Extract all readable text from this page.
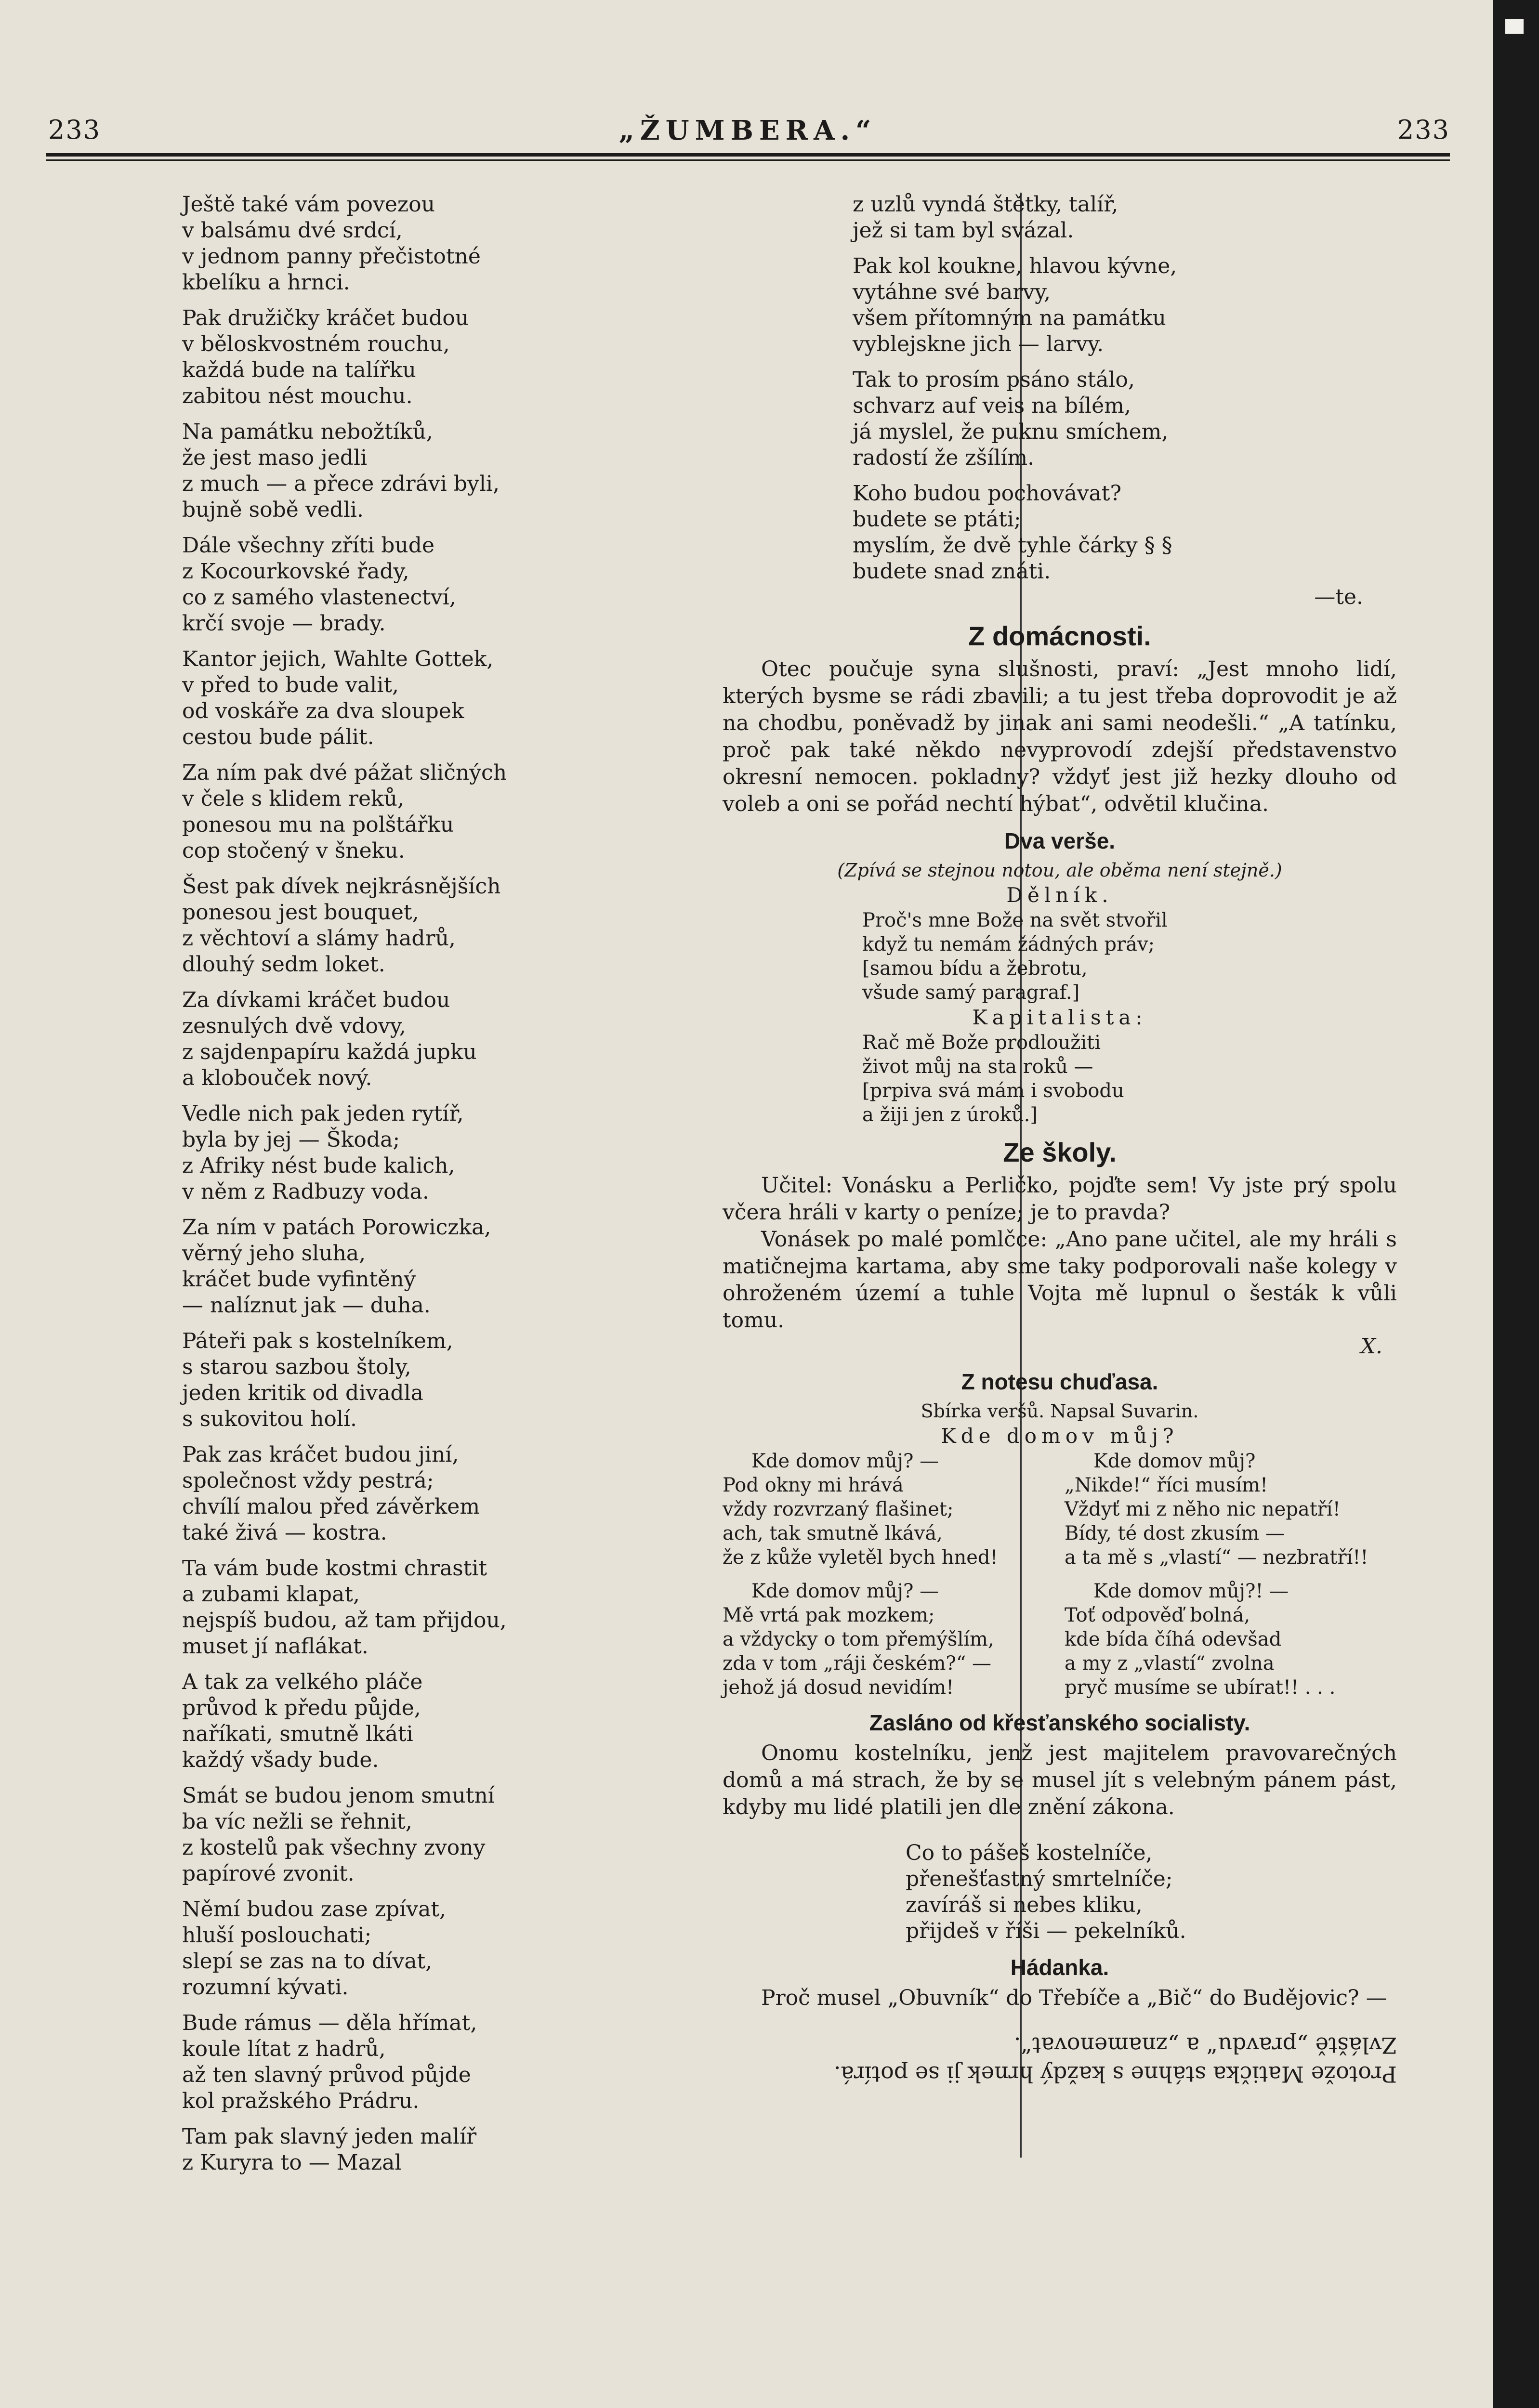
233	„ŽUMBERA.“	233
Ještě také vám povezou
v balsámu dvé srdcí,
v jednom panny přečistotné
kbelíku a hrnci.
Pak družičky kráčet budou
v běloskvostném rouchu,
každá bude na talířku
zabitou nést mouchu.
Na památku nebožtíků,
že jest maso jedli
z much — a přece zdrávi byli,
bujně sobě vedli.
Dále všechny zříti bude
z Kocourkovské řady,
co z samého vlastenectví,
krčí svoje — brady.
Kantor jejich, Wahlte Gottek,
v před to bude valit,
od voskáře za dva sloupek
cestou bude pálit.
Za ním pak dvé pážat sličných
v čele s klidem reků,
ponesou mu na polštářku
cop stočený v šneku.
Šest pak dívek nejkrásnějších
ponesou jest bouquet,
z věchtoví a slámy hadrů,
dlouhý sedm loket.
Za dívkami kráčet budou
zesnulých dvě vdovy,
z sajdenpapíru každá jupku
a klobouček nový.
Vedle nich pak jeden rytíř,
byla by jej — Škoda;
z Afriky nést bude kalich,
v něm z Radbuzy voda.
Za ním v patách Porowiczka,
věrný jeho sluha,
kráčet bude vyfintěný
— nalíznut jak — duha.
Páteři pak s kostelníkem,
s starou sazbou štoly,
jeden kritik od divadla
s sukovitou holí.
Pak zas kráčet budou jiní,
společnost vždy pestrá;
chvílí malou před závěrkem
také živá — kostra.
Ta vám bude kostmi chrastit
a zubami klapat,
nejspíš budou, až tam přijdou,
muset jí naflákat.
A tak za velkého pláče
průvod k předu půjde,
naříkati, smutně lkáti
každý všady bude.
Smát se budou jenom smutní
ba víc nežli se řehnit,
z kostelů pak všechny zvony
papírové zvonit.
Němí budou zase zpívat,
hluší poslouchati;
slepí se zas na to dívat,
rozumní kývati.
Bude rámus — děla hřímat,
koule lítat z hadrů,
až ten slavný průvod půjde
kol pražského Prádru.
Tam pak slavný jeden malíř
z Kuryra to — Mazal
z uzlů vyndá štětky, talíř,
jež si tam byl svázal.
Pak kol koukne, hlavou kývne,
vytáhne své barvy,
všem přítomným na památku
vyblejskne jich — larvy.
Tak to prosím psáno stálo,
schvarz auf veis na bílém,
já myslel, že puknu smíchem,
radostí že zšílím.
Koho budou pochovávat?
budete se ptáti;
myslím, že dvě tyhle čárky § §
budete snad znáti.
—te.
Z domácnosti.

Otec poučuje syna slušnosti, praví: „Jest mnoho lidí, kterých bysme se rádi zbavili; a tu jest třeba doprovodit je až na chodbu, poněvadž by jinak ani sami neodešli.“ „A tatínku, proč pak také někdo nevyprovodí zdejší představenstvo okresní nemocen. pokladny? vždyť jest již hezky dlouho od voleb a oni se pořád nechtí hýbat“, odvětil klučina.

Dva verše.
(Zpívá se stejnou notou, ale oběma není stejně.)
Dělník.
Proč's mne Bože na svět stvořil
když tu nemám žádných práv;
[samou bídu a žebrotu,
všude samý paragraf.]
Kapitalista:
Rač mě Bože prodloužiti
život můj na sta roků —
[prpiva svá mám i svobodu
a žiji jen z úroků.]
Ze školy.

Učitel: Vonásku a Perličko, pojďte sem! Vy jste prý spolu včera hráli v karty o peníze; je to pravda?

Vonásek po malé pomlčce: „Ano pane učitel, ale my hráli s matičnejma kartama, aby sme taky podporovali naše kolegy v ohroženém území a tuhle Vojta mě lupnul o šesták k vůli tomu.

X.
Z notesu chuďasa.
Sbírka veršů. Napsal Suvarin.
Kde domov můj?
Kde domov můj? —
Pod okny mi hrává
vždy rozvrzaný flašinet;
ach, tak smutně lkává,
že z kůže vyletěl bych hned!
Kde domov můj? —
Mě vrtá pak mozkem;
a vždycky o tom přemýšlím,
zda v tom „ráji českém?“ —
jehož já dosud nevidím!
Kde domov můj?
„Nikde!“ říci musím!
Vždyť mi z něho nic nepatří!
Bídy, té dost zkusím —
a ta mě s „vlastí“ — nezbratří!!
Kde domov můj?! —
Toť odpověď bolná,
kde bída číhá odevšad
a my z „vlastí“ zvolna
pryč musíme se ubírat!! . . .
Zasláno od křesťanského socialisty.

Onomu kostelníku, jenž jest majitelem pravovarečných domů a má strach, že by se musel jít s velebným pánem pást, kdyby mu lidé platili jen dle znění zákona.

Co to pášeš kostelníče,
přenešťastný smrtelníče;
zavíráš si nebes kliku,
přijdeš v říši — pekelníků.
Hádanka.

Proč musel „Obuvník“ do Třebíče a „Bič“ do Budějovic? —

Protože Matička stáhne s každý hrnek ji se potírá.
Zvláště „pravdu“ a „znamenovat“.
